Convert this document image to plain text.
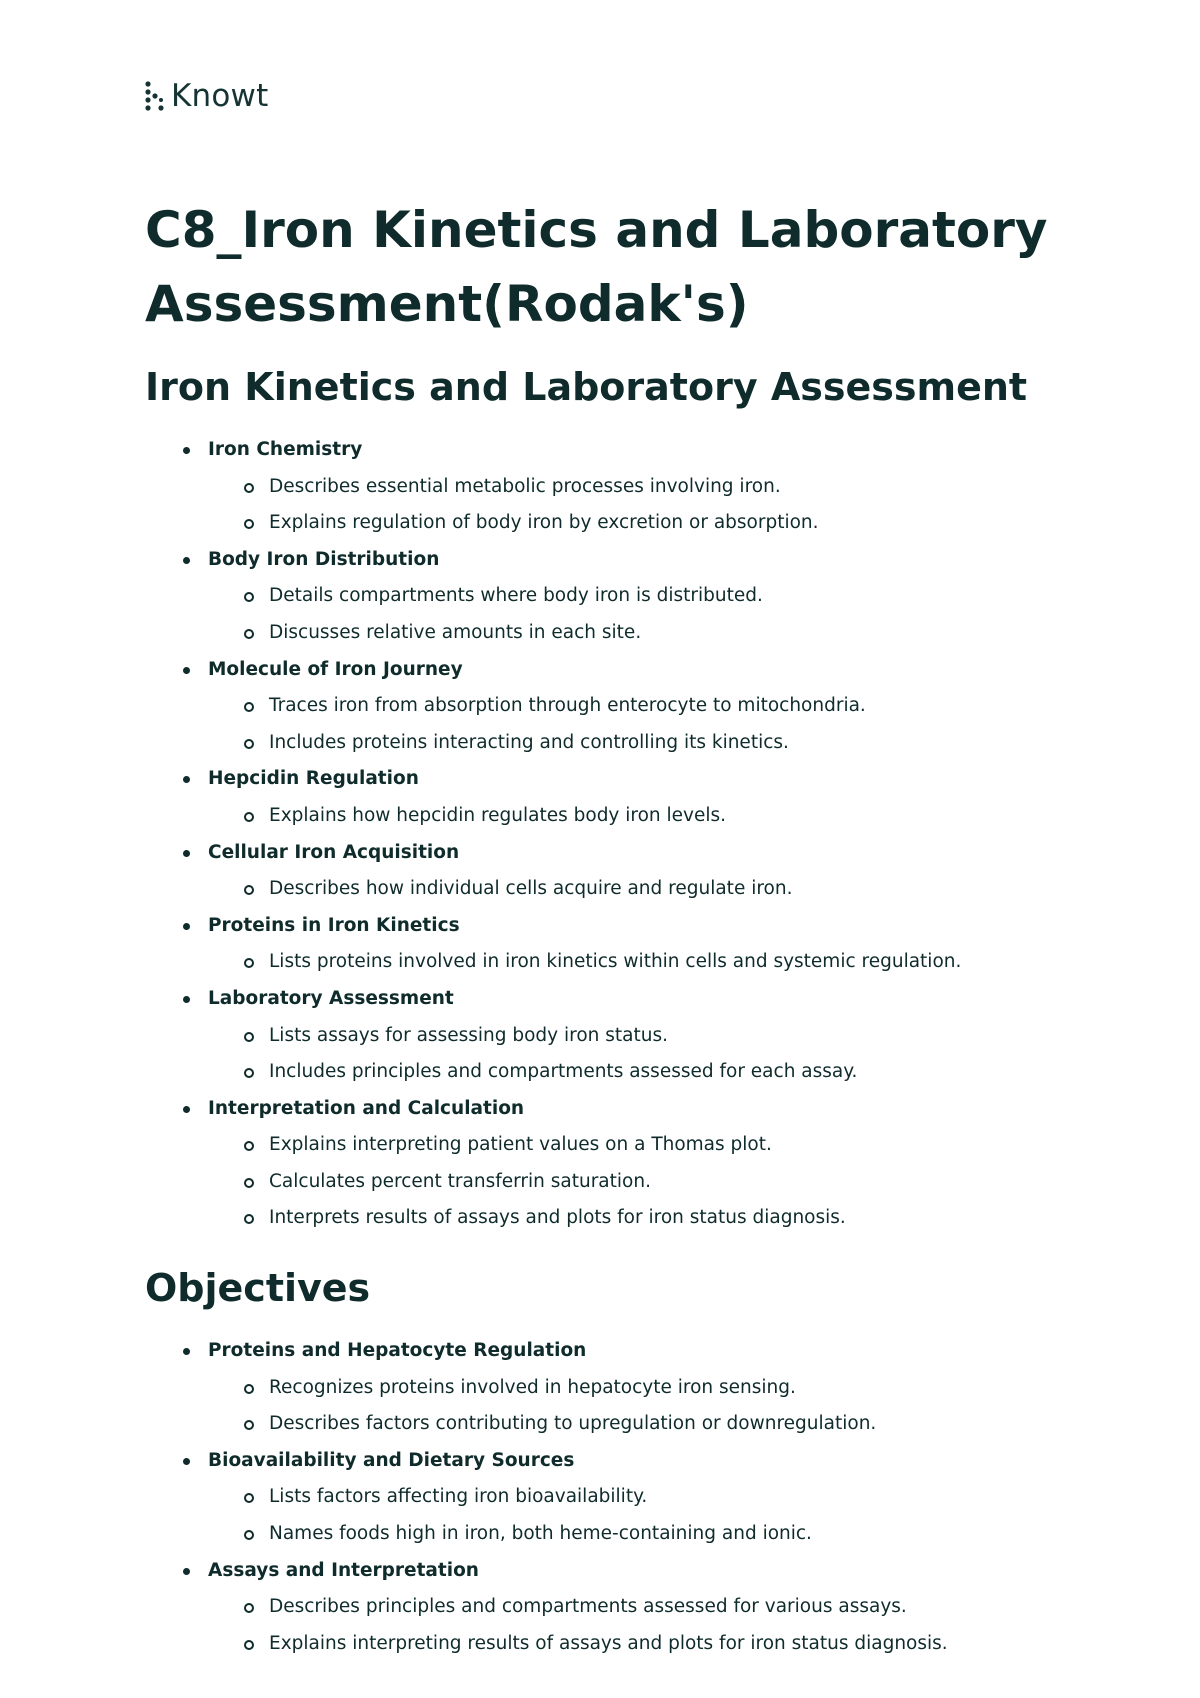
Knowt
C8_Iron Kinetics and Laboratory Assessment(Rodak's)
Iron Kinetics and Laboratory Assessment
Iron Chemistry
Describes essential metabolic processes involving iron.
Explains regulation of body iron by excretion or absorption.
Body Iron Distribution
Details compartments where body iron is distributed.
Discusses relative amounts in each site.
Molecule of Iron Journey
Traces iron from absorption through enterocyte to mitochondria.
Includes proteins interacting and controlling its kinetics.
Hepcidin Regulation
Explains how hepcidin regulates body iron levels.
Cellular Iron Acquisition
Describes how individual cells acquire and regulate iron.
Proteins in Iron Kinetics
Lists proteins involved in iron kinetics within cells and systemic regulation.
Laboratory Assessment
Lists assays for assessing body iron status.
Includes principles and compartments assessed for each assay.
Interpretation and Calculation
Explains interpreting patient values on a Thomas plot.
Calculates percent transferrin saturation.
Interprets results of assays and plots for iron status diagnosis.
Objectives
Proteins and Hepatocyte Regulation
Recognizes proteins involved in hepatocyte iron sensing.
Describes factors contributing to upregulation or downregulation.
Bioavailability and Dietary Sources
Lists factors affecting iron bioavailability.
Names foods high in iron, both heme-containing and ionic.
Assays and Interpretation
Describes principles and compartments assessed for various assays.
Explains interpreting results of assays and plots for iron status diagnosis.
